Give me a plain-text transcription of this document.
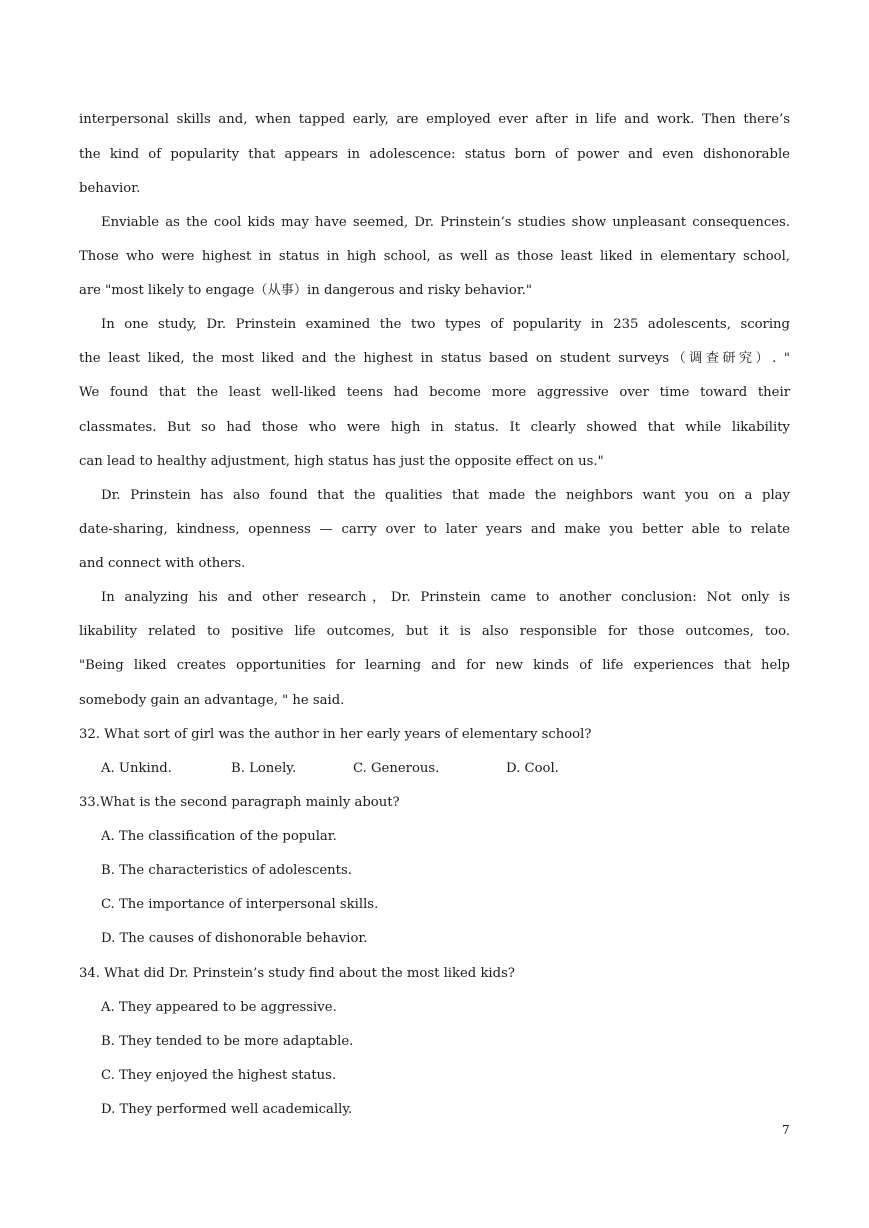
interpersonal skills and, when tapped early, are employed ever after in life and work. Then there’s
the kind of popularity that appears in adolescence: status born of power and even dishonorable
behavior.
Enviable as the cool kids may have seemed, Dr. Prinstein’s studies show unpleasant consequences.
Those who were highest in status in high school, as well as those least liked in elementary school,
are "most likely to engage（从事）in dangerous and risky behavior."
In one study, Dr. Prinstein examined the two types of popularity in 235 adolescents, scoring
the least liked, the most liked and the highest in status based on student surveys（调查研究）. "
We found that the least well-liked teens had become more aggressive over time toward their
classmates. But so had those who were high in status. It clearly showed that while likability
can lead to healthy adjustment, high status has just the opposite effect on us."
Dr. Prinstein has also found that the qualities that made the neighbors want you on a play
date-sharing, kindness, openness — carry over to later years and make you better able to relate
and connect with others.
In analyzing his and other research，Dr. Prinstein came to another conclusion: Not only is
likability related to positive life outcomes, but it is also responsible for those outcomes, too.
"Being liked creates opportunities for learning and for new kinds of life experiences that help
somebody gain an advantage, " he said.
32. What sort of girl was the author in her early years of elementary school?
A. Unkind.	B. Lonely.	C. Generous.	D. Cool.
33.What is the second paragraph mainly about?
A. The classification of the popular.
B. The characteristics of adolescents.
C. The importance of interpersonal skills.
D. The causes of dishonorable behavior.
34. What did Dr. Prinstein’s study find about the most liked kids?
A. They appeared to be aggressive.
B. They tended to be more adaptable.
C. They enjoyed the highest status.
D. They performed well academically.
7
